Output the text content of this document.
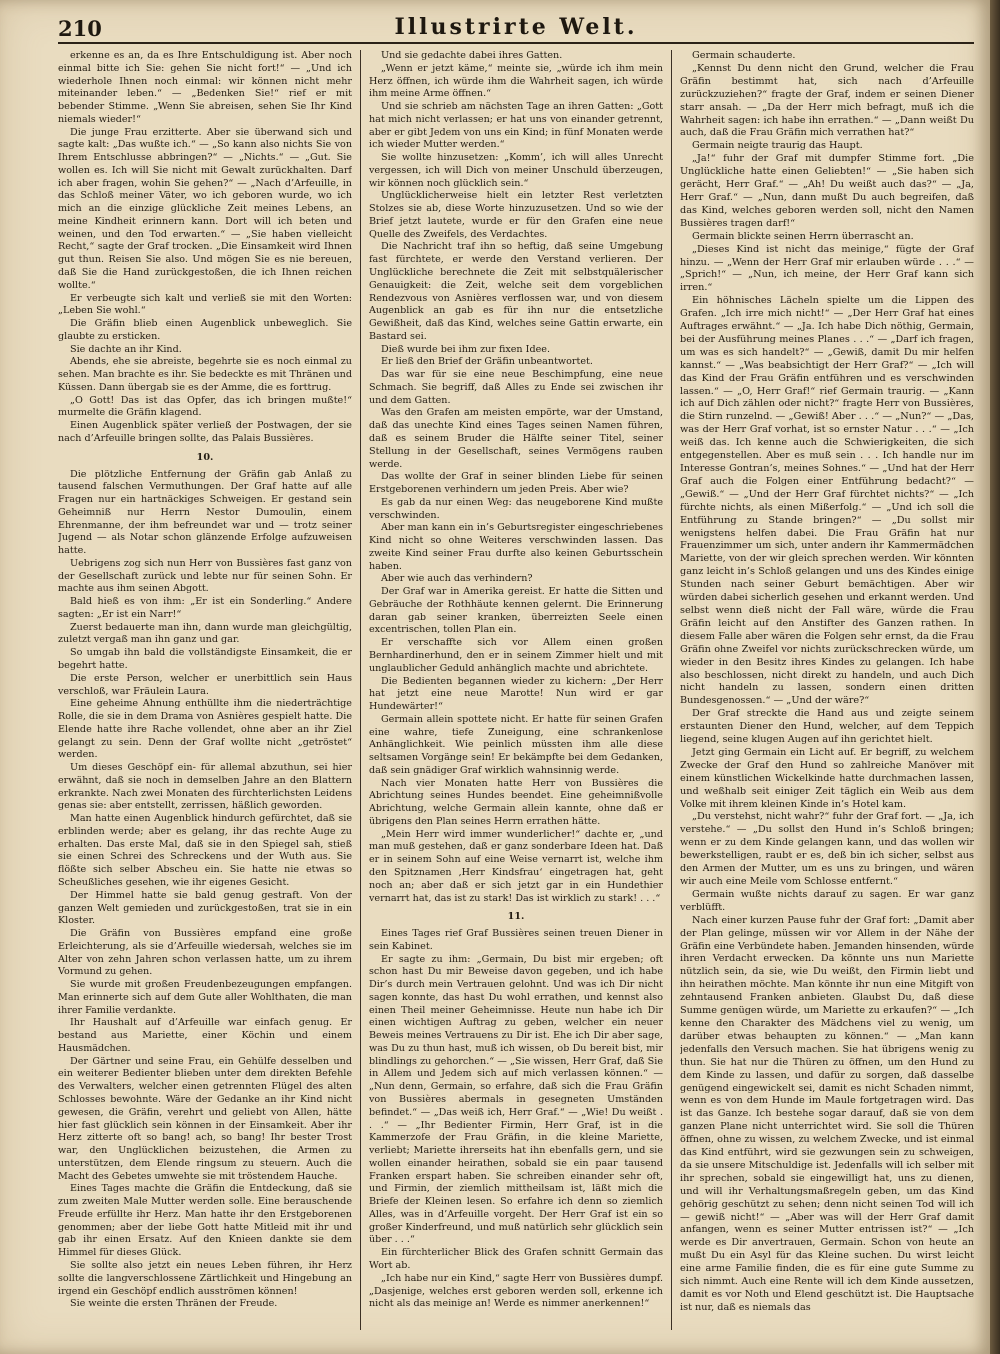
210	Illustrirte Welt.

erkenne es an, da es Ihre Entschuldigung ist. Aber noch einmal bitte ich Sie: gehen Sie nicht fort!“ — „Und ich wiederhole Ihnen noch einmal: wir können nicht mehr miteinander leben.“ — „Bedenken Sie!“ rief er mit bebender Stimme. „Wenn Sie abreisen, sehen Sie Ihr Kind niemals wieder!“

Die junge Frau erzitterte. Aber sie überwand sich und sagte kalt: „Das wußte ich.“ — „So kann also nichts Sie von Ihrem Entschlusse abbringen?“ — „Nichts.“ — „Gut. Sie wollen es. Ich will Sie nicht mit Gewalt zurückhalten. Darf ich aber fragen, wohin Sie gehen?“ — „Nach d’Arfeuille, in das Schloß meiner Väter, wo ich geboren wurde, wo ich mich an die einzige glückliche Zeit meines Lebens, an meine Kindheit erinnern kann. Dort will ich beten und weinen, und den Tod erwarten.“ — „Sie haben vielleicht Recht,“ sagte der Graf trocken. „Die Einsamkeit wird Ihnen gut thun. Reisen Sie also. Und mögen Sie es nie bereuen, daß Sie die Hand zurückgestoßen, die ich Ihnen reichen wollte.“

Er verbeugte sich kalt und verließ sie mit den Worten: „Leben Sie wohl.“

Die Gräfin blieb einen Augenblick unbeweglich. Sie glaubte zu ersticken.

Sie dachte an ihr Kind.

Abends, ehe sie abreiste, begehrte sie es noch einmal zu sehen. Man brachte es ihr. Sie bedeckte es mit Thränen und Küssen. Dann übergab sie es der Amme, die es forttrug.

„O Gott! Das ist das Opfer, das ich bringen mußte!“ murmelte die Gräfin klagend.

Einen Augenblick später verließ der Postwagen, der sie nach d’Arfeuille bringen sollte, das Palais Bussières.

10.

Die plötzliche Entfernung der Gräfin gab Anlaß zu tausend falschen Vermuthungen. Der Graf hatte auf alle Fragen nur ein hartnäckiges Schweigen. Er gestand sein Geheimniß nur Herrn Nestor Dumoulin, einem Ehrenmanne, der ihm befreundet war und — trotz seiner Jugend — als Notar schon glänzende Erfolge aufzuweisen hatte.

Uebrigens zog sich nun Herr von Bussières fast ganz von der Gesellschaft zurück und lebte nur für seinen Sohn. Er machte aus ihm seinen Abgott.

Bald hieß es von ihm: „Er ist ein Sonderling.“ Andere sagten: „Er ist ein Narr!“

Zuerst bedauerte man ihn, dann wurde man gleichgültig, zuletzt vergaß man ihn ganz und gar.

So umgab ihn bald die vollständigste Einsamkeit, die er begehrt hatte.

Die erste Person, welcher er unerbittlich sein Haus verschloß, war Fräulein Laura.

Eine geheime Ahnung enthüllte ihm die niederträchtige Rolle, die sie in dem Drama von Asnières gespielt hatte. Die Elende hatte ihre Rache vollendet, ohne aber an ihr Ziel gelangt zu sein. Denn der Graf wollte nicht „getröstet“ werden.

Um dieses Geschöpf ein- für allemal abzuthun, sei hier erwähnt, daß sie noch in demselben Jahre an den Blattern erkrankte. Nach zwei Monaten des fürchterlichsten Leidens genas sie: aber entstellt, zerrissen, häßlich geworden.

Man hatte einen Augenblick hindurch gefürchtet, daß sie erblinden werde; aber es gelang, ihr das rechte Auge zu erhalten. Das erste Mal, daß sie in den Spiegel sah, stieß sie einen Schrei des Schreckens und der Wuth aus. Sie flößte sich selber Abscheu ein. Sie hatte nie etwas so Scheußliches gesehen, wie ihr eigenes Gesicht.

Der Himmel hatte sie bald genug gestraft. Von der ganzen Welt gemieden und zurückgestoßen, trat sie in ein Kloster.

Die Gräfin von Bussières empfand eine große Erleichterung, als sie d’Arfeuille wiedersah, welches sie im Alter von zehn Jahren schon verlassen hatte, um zu ihrem Vormund zu gehen.

Sie wurde mit großen Freudenbezeugungen empfangen. Man erinnerte sich auf dem Gute aller Wohlthaten, die man ihrer Familie verdankte.

Ihr Haushalt auf d’Arfeuille war einfach genug. Er bestand aus Mariette, einer Köchin und einem Hausmädchen.

Der Gärtner und seine Frau, ein Gehülfe desselben und ein weiterer Bedienter blieben unter dem direkten Befehle des Verwalters, welcher einen getrennten Flügel des alten Schlosses bewohnte. Wäre der Gedanke an ihr Kind nicht gewesen, die Gräfin, verehrt und geliebt von Allen, hätte hier fast glücklich sein können in der Einsamkeit. Aber ihr Herz zitterte oft so bang! ach, so bang! Ihr bester Trost war, den Unglücklichen beizustehen, die Armen zu unterstützen, dem Elende ringsum zu steuern. Auch die Macht des Gebetes umwehte sie mit tröstendem Hauche.

Eines Tages machte die Gräfin die Entdeckung, daß sie zum zweiten Male Mutter werden solle. Eine berauschende Freude erfüllte ihr Herz. Man hatte ihr den Erstgeborenen genommen; aber der liebe Gott hatte Mitleid mit ihr und gab ihr einen Ersatz. Auf den Knieen dankte sie dem Himmel für dieses Glück.

Sie sollte also jetzt ein neues Leben führen, ihr Herz sollte die langverschlossene Zärtlichkeit und Hingebung an irgend ein Geschöpf endlich ausströmen können!

Sie weinte die ersten Thränen der Freude.

Und sie gedachte dabei ihres Gatten.

„Wenn er jetzt käme,“ meinte sie, „würde ich ihm mein Herz öffnen, ich würde ihm die Wahrheit sagen, ich würde ihm meine Arme öffnen.“

Und sie schrieb am nächsten Tage an ihren Gatten: „Gott hat mich nicht verlassen; er hat uns von einander getrennt, aber er gibt Jedem von uns ein Kind; in fünf Monaten werde ich wieder Mutter werden.“

Sie wollte hinzusetzen: „Komm’, ich will alles Unrecht vergessen, ich will Dich von meiner Unschuld überzeugen, wir können noch glücklich sein.“

Unglücklicherweise hielt ein letzter Rest verletzten Stolzes sie ab, diese Worte hinzuzusetzen. Und so wie der Brief jetzt lautete, wurde er für den Grafen eine neue Quelle des Zweifels, des Verdachtes.

Die Nachricht traf ihn so heftig, daß seine Umgebung fast fürchtete, er werde den Verstand verlieren. Der Unglückliche berechnete die Zeit mit selbstquälerischer Genauigkeit: die Zeit, welche seit dem vorgeblichen Rendezvous von Asnières verflossen war, und von diesem Augenblick an gab es für ihn nur die entsetzliche Gewißheit, daß das Kind, welches seine Gattin erwarte, ein Bastard sei.

Dieß wurde bei ihm zur fixen Idee.

Er ließ den Brief der Gräfin unbeantwortet.

Das war für sie eine neue Beschimpfung, eine neue Schmach. Sie begriff, daß Alles zu Ende sei zwischen ihr und dem Gatten.

Was den Grafen am meisten empörte, war der Umstand, daß das unechte Kind eines Tages seinen Namen führen, daß es seinem Bruder die Hälfte seiner Titel, seiner Stellung in der Gesellschaft, seines Vermögens rauben werde.

Das wollte der Graf in seiner blinden Liebe für seinen Erstgeborenen verhindern um jeden Preis. Aber wie?

Es gab da nur einen Weg: das neugeborene Kind mußte verschwinden.

Aber man kann ein in’s Geburtsregister eingeschriebenes Kind nicht so ohne Weiteres verschwinden lassen. Das zweite Kind seiner Frau durfte also keinen Geburtsschein haben.

Aber wie auch das verhindern?

Der Graf war in Amerika gereist. Er hatte die Sitten und Gebräuche der Rothhäute kennen gelernt. Die Erinnerung daran gab seiner kranken, überreizten Seele einen excentrischen, tollen Plan ein.

Er verschaffte sich vor Allem einen großen Bernhardinerhund, den er in seinem Zimmer hielt und mit unglaublicher Geduld anhänglich machte und abrichtete.

Die Bedienten begannen wieder zu kichern: „Der Herr hat jetzt eine neue Marotte! Nun wird er gar Hundewärter!“

Germain allein spottete nicht. Er hatte für seinen Grafen eine wahre, tiefe Zuneigung, eine schrankenlose Anhänglichkeit. Wie peinlich müssten ihm alle diese seltsamen Vorgänge sein! Er bekämpfte bei dem Gedanken, daß sein gnädiger Graf wirklich wahnsinnig werde.

Nach vier Monaten hatte Herr von Bussières die Abrichtung seines Hundes beendet. Eine geheimnißvolle Abrichtung, welche Germain allein kannte, ohne daß er übrigens den Plan seines Herrn errathen hätte.

„Mein Herr wird immer wunderlicher!“ dachte er, „und man muß gestehen, daß er ganz sonderbare Ideen hat. Daß er in seinem Sohn auf eine Weise vernarrt ist, welche ihm den Spitznamen ‚Herr Kindsfrau‘ eingetragen hat, geht noch an; aber daß er sich jetzt gar in ein Hundethier vernarrt hat, das ist zu stark! Das ist wirklich zu stark! . . .“

11.

Eines Tages rief Graf Bussières seinen treuen Diener in sein Kabinet.

Er sagte zu ihm: „Germain, Du bist mir ergeben; oft schon hast Du mir Beweise davon gegeben, und ich habe Dir’s durch mein Vertrauen gelohnt. Und was ich Dir nicht sagen konnte, das hast Du wohl errathen, und kennst also einen Theil meiner Geheimnisse. Heute nun habe ich Dir einen wichtigen Auftrag zu geben, welcher ein neuer Beweis meines Vertrauens zu Dir ist. Ehe ich Dir aber sage, was Du zu thun hast, muß ich wissen, ob Du bereit bist, mir blindlings zu gehorchen.“ — „Sie wissen, Herr Graf, daß Sie in Allem und Jedem sich auf mich verlassen können.“ — „Nun denn, Germain, so erfahre, daß sich die Frau Gräfin von Bussières abermals in gesegneten Umständen befindet.“ — „Das weiß ich, Herr Graf.“ — „Wie! Du weißt . . .“ — „Ihr Bedienter Firmin, Herr Graf, ist in die Kammerzofe der Frau Gräfin, in die kleine Mariette, verliebt; Mariette ihrerseits hat ihn ebenfalls gern, und sie wollen einander heirathen, sobald sie ein paar tausend Franken erspart haben. Sie schreiben einander sehr oft, und Firmin, der ziemlich mittheilsam ist, läßt mich die Briefe der Kleinen lesen. So erfahre ich denn so ziemlich Alles, was in d’Arfeuille vorgeht. Der Herr Graf ist ein so großer Kinderfreund, und muß natürlich sehr glücklich sein über . . .“

Ein fürchterlicher Blick des Grafen schnitt Germain das Wort ab.

„Ich habe nur ein Kind,“ sagte Herr von Bussières dumpf. „Dasjenige, welches erst geboren werden soll, erkenne ich nicht als das meinige an! Werde es nimmer anerkennen!“

Germain schauderte.

„Kennst Du denn nicht den Grund, welcher die Frau Gräfin bestimmt hat, sich nach d’Arfeuille zurückzuziehen?“ fragte der Graf, indem er seinen Diener starr ansah. — „Da der Herr mich befragt, muß ich die Wahrheit sagen: ich habe ihn errathen.“ — „Dann weißt Du auch, daß die Frau Gräfin mich verrathen hat?“

Germain neigte traurig das Haupt.

„Ja!“ fuhr der Graf mit dumpfer Stimme fort. „Die Unglückliche hatte einen Geliebten!“ — „Sie haben sich gerächt, Herr Graf.“ — „Ah! Du weißt auch das?“ — „Ja, Herr Graf.“ — „Nun, dann mußt Du auch begreifen, daß das Kind, welches geboren werden soll, nicht den Namen Bussières tragen darf!“

Germain blickte seinen Herrn überrascht an.

„Dieses Kind ist nicht das meinige,“ fügte der Graf hinzu. — „Wenn der Herr Graf mir erlauben würde . . .“ — „Sprich!“ — „Nun, ich meine, der Herr Graf kann sich irren.“

Ein höhnisches Lächeln spielte um die Lippen des Grafen. „Ich irre mich nicht!“ — „Der Herr Graf hat eines Auftrages erwähnt.“ — „Ja. Ich habe Dich nöthig, Germain, bei der Ausführung meines Planes . . .“ — „Darf ich fragen, um was es sich handelt?“ — „Gewiß, damit Du mir helfen kannst.“ — „Was beabsichtigt der Herr Graf?“ — „Ich will das Kind der Frau Gräfin entführen und es verschwinden lassen.“ — „O, Herr Graf!“ rief Germain traurig. — „Kann ich auf Dich zählen oder nicht?“ fragte Herr von Bussières, die Stirn runzelnd. — „Gewiß! Aber . . .“ — „Nun?“ — „Das, was der Herr Graf vorhat, ist so ernster Natur . . .“ — „Ich weiß das. Ich kenne auch die Schwierigkeiten, die sich entgegenstellen. Aber es muß sein . . . Ich handle nur im Interesse Gontran’s, meines Sohnes.“ — „Und hat der Herr Graf auch die Folgen einer Entführung bedacht?“ — „Gewiß.“ — „Und der Herr Graf fürchtet nichts?“ — „Ich fürchte nichts, als einen Mißerfolg.“ — „Und ich soll die Entführung zu Stande bringen?“ — „Du sollst mir wenigstens helfen dabei. Die Frau Gräfin hat nur Frauenzimmer um sich, unter andern ihr Kammermädchen Mariette, von der wir gleich sprechen werden. Wir könnten ganz leicht in’s Schloß gelangen und uns des Kindes einige Stunden nach seiner Geburt bemächtigen. Aber wir würden dabei sicherlich gesehen und erkannt werden. Und selbst wenn dieß nicht der Fall wäre, würde die Frau Gräfin leicht auf den Anstifter des Ganzen rathen. In diesem Falle aber wären die Folgen sehr ernst, da die Frau Gräfin ohne Zweifel vor nichts zurückschrecken würde, um wieder in den Besitz ihres Kindes zu gelangen. Ich habe also beschlossen, nicht direkt zu handeln, und auch Dich nicht handeln zu lassen, sondern einen dritten Bundesgenossen.“ — „Und der wäre?“

Der Graf streckte die Hand aus und zeigte seinem erstaunten Diener den Hund, welcher, auf dem Teppich liegend, seine klugen Augen auf ihn gerichtet hielt.

Jetzt ging Germain ein Licht auf. Er begriff, zu welchem Zwecke der Graf den Hund so zahlreiche Manöver mit einem künstlichen Wickelkinde hatte durchmachen lassen, und weßhalb seit einiger Zeit täglich ein Weib aus dem Volke mit ihrem kleinen Kinde in’s Hotel kam.

„Du verstehst, nicht wahr?“ fuhr der Graf fort. — „Ja, ich verstehe.“ — „Du sollst den Hund in’s Schloß bringen; wenn er zu dem Kinde gelangen kann, und das wollen wir bewerkstelligen, raubt er es, deß bin ich sicher, selbst aus den Armen der Mutter, um es uns zu bringen, und wären wir auch eine Meile vom Schlosse entfernt.“

Germain wußte nichts darauf zu sagen. Er war ganz verblüfft.

Nach einer kurzen Pause fuhr der Graf fort: „Damit aber der Plan gelinge, müssen wir vor Allem in der Nähe der Gräfin eine Verbündete haben. Jemanden hinsenden, würde ihren Verdacht erwecken. Da könnte uns nun Mariette nützlich sein, da sie, wie Du weißt, den Firmin liebt und ihn heirathen möchte. Man könnte ihr nun eine Mitgift von zehntausend Franken anbieten. Glaubst Du, daß diese Summe genügen würde, um Mariette zu erkaufen?“ — „Ich kenne den Charakter des Mädchens viel zu wenig, um darüber etwas behaupten zu können.“ — „Man kann jedenfalls den Versuch machen. Sie hat übrigens wenig zu thun. Sie hat nur die Thüren zu öffnen, um den Hund zu dem Kinde zu lassen, und dafür zu sorgen, daß dasselbe genügend eingewickelt sei, damit es nicht Schaden nimmt, wenn es von dem Hunde im Maule fortgetragen wird. Das ist das Ganze. Ich bestehe sogar darauf, daß sie von dem ganzen Plane nicht unterrichtet wird. Sie soll die Thüren öffnen, ohne zu wissen, zu welchem Zwecke, und ist einmal das Kind entführt, wird sie gezwungen sein zu schweigen, da sie unsere Mitschuldige ist. Jedenfalls will ich selber mit ihr sprechen, sobald sie eingewilligt hat, uns zu dienen, und will ihr Verhaltungsmaßregeln geben, um das Kind gehörig geschützt zu sehen; denn nicht seinen Tod will ich — gewiß nicht!“ — „Aber was will der Herr Graf damit anfangen, wenn es seiner Mutter entrissen ist?“ — „Ich werde es Dir anvertrauen, Germain. Schon von heute an mußt Du ein Asyl für das Kleine suchen. Du wirst leicht eine arme Familie finden, die es für eine gute Summe zu sich nimmt. Auch eine Rente will ich dem Kinde aussetzen, damit es vor Noth und Elend geschützt ist. Die Hauptsache ist nur, daß es niemals das
